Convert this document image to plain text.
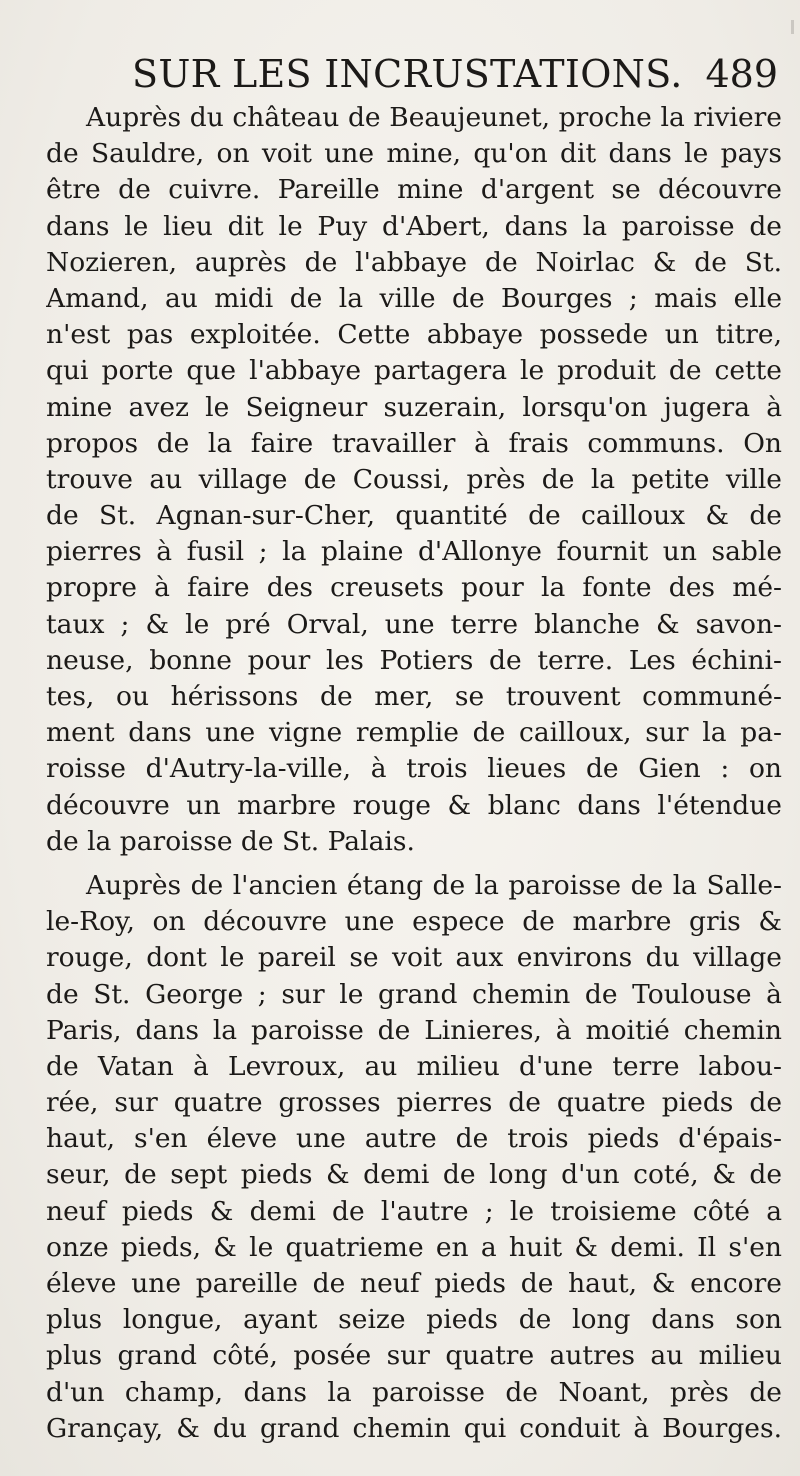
SUR LES INCRUSTATIONS. 489
Auprès du château de Beaujeunet, proche la riviere
de Sauldre, on voit une mine, qu'on dit dans le pays
être de cuivre. Pareille mine d'argent se découvre
dans le lieu dit le Puy d'Abert, dans la paroisse de
Nozieren, auprès de l'abbaye de Noirlac & de St.
Amand, au midi de la ville de Bourges ; mais elle
n'est pas exploitée. Cette abbaye possede un titre,
qui porte que l'abbaye partagera le produit de cette
mine avez le Seigneur suzerain, lorsqu'on jugera à
propos de la faire travailler à frais communs. On
trouve au village de Coussi, près de la petite ville
de St. Agnan-sur-Cher, quantité de cailloux & de
pierres à fusil ; la plaine d'Allonye fournit un sable
propre à faire des creusets pour la fonte des mé-
taux ; & le pré Orval, une terre blanche & savon-
neuse, bonne pour les Potiers de terre. Les échini-
tes, ou hérissons de mer, se trouvent communé-
ment dans une vigne remplie de cailloux, sur la pa-
roisse d'Autry-la-ville, à trois lieues de Gien : on
découvre un marbre rouge & blanc dans l'étendue
de la paroisse de St. Palais.
Auprès de l'ancien étang de la paroisse de la Salle-
le-Roy, on découvre une espece de marbre gris &
rouge, dont le pareil se voit aux environs du village
de St. George ; sur le grand chemin de Toulouse à
Paris, dans la paroisse de Linieres, à moitié chemin
de Vatan à Levroux, au milieu d'une terre labou-
rée, sur quatre grosses pierres de quatre pieds de
haut, s'en éleve une autre de trois pieds d'épais-
seur, de sept pieds & demi de long d'un coté, & de
neuf pieds & demi de l'autre ; le troisieme côté a
onze pieds, & le quatrieme en a huit & demi. Il s'en
éleve une pareille de neuf pieds de haut, & encore
plus longue, ayant seize pieds de long dans son
plus grand côté, posée sur quatre autres au milieu
d'un champ, dans la paroisse de Noant, près de
Grançay, & du grand chemin qui conduit à Bourges.
